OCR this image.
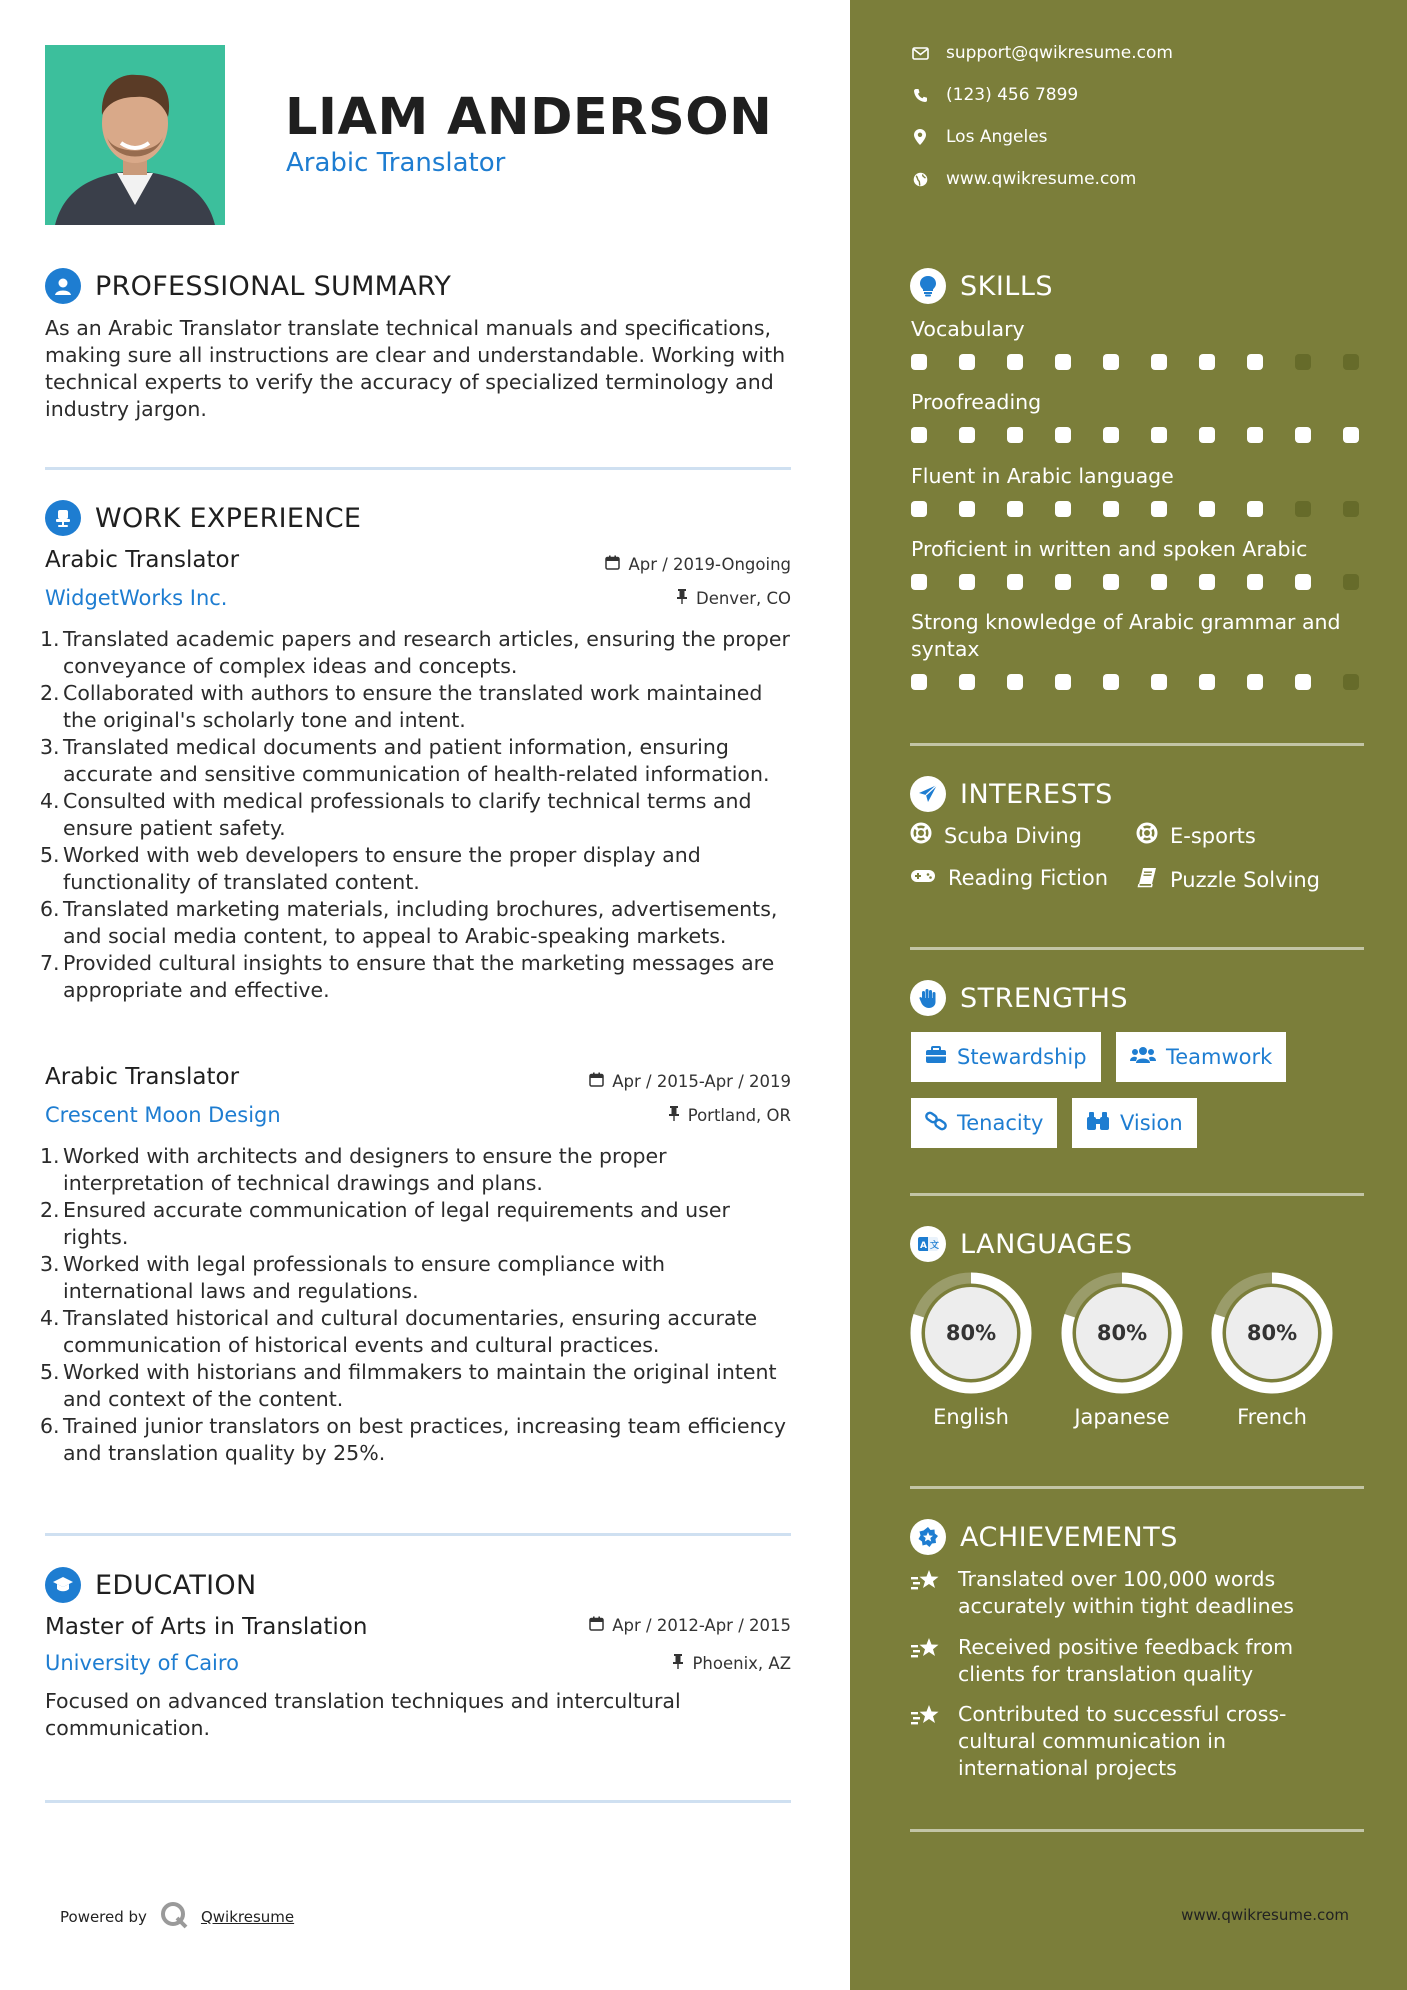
LIAM ANDERSON
Arabic Translator
PROFESSIONAL SUMMARY
As an Arabic Translator translate technical manuals and specifications, making sure all instructions are clear and understandable. Working with technical experts to verify the accuracy of specialized terminology and industry jargon.
WORK EXPERIENCE
Arabic Translator	Apr / 2019-Ongoing
WidgetWorks Inc.	Denver, CO
1. Translated academic papers and research articles, ensuring the proper conveyance of complex ideas and concepts.
2. Collaborated with authors to ensure the translated work maintained the original's scholarly tone and intent.
3. Translated medical documents and patient information, ensuring accurate and sensitive communication of health-related information.
4. Consulted with medical professionals to clarify technical terms and ensure patient safety.
5. Worked with web developers to ensure the proper display and functionality of translated content.
6. Translated marketing materials, including brochures, advertisements, and social media content, to appeal to Arabic-speaking markets.
7. Provided cultural insights to ensure that the marketing messages are appropriate and effective.
Arabic Translator	Apr / 2015-Apr / 2019
Crescent Moon Design	Portland, OR
1. Worked with architects and designers to ensure the proper interpretation of technical drawings and plans.
2. Ensured accurate communication of legal requirements and user rights.
3. Worked with legal professionals to ensure compliance with international laws and regulations.
4. Translated historical and cultural documentaries, ensuring accurate communication of historical events and cultural practices.
5. Worked with historians and filmmakers to maintain the original intent and context of the content.
6. Trained junior translators on best practices, increasing team efficiency and translation quality by 25%.
EDUCATION
Master of Arts in Translation	Apr / 2012-Apr / 2015
University of Cairo	Phoenix, AZ
Focused on advanced translation techniques and intercultural communication.
Powered by	Qwikresume
support@qwikresume.com
(123) 456 7899
Los Angeles
www.qwikresume.com
SKILLS
Vocabulary
Proofreading
Fluent in Arabic language
Proficient in written and spoken Arabic
Strong knowledge of Arabic grammar and syntax
INTERESTS
Scuba Diving	E-sports
Reading Fiction	Puzzle Solving
STRENGTHS
Stewardship	Teamwork
Tenacity	Vision
A 文 LANGUAGES
80%
English
80%
Japanese
80%
French
ACHIEVEMENTS
Translated over 100,000 words accurately within tight deadlines
Received positive feedback from clients for translation quality
Contributed to successful cross-cultural communication in international projects
www.qwikresume.com
